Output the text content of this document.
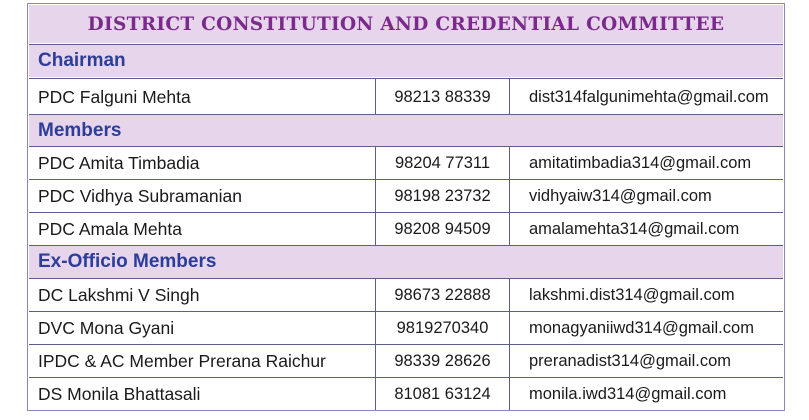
DISTRICT CONSTITUTION AND CREDENTIAL COMMITTEE
Chairman
PDC Falguni Mehta	98213 88339	dist314falgunimehta@gmail.com
Members
PDC Amita Timbadia	98204 77311	amitatimbadia314@gmail.com
PDC Vidhya Subramanian	98198 23732	vidhyaiw314@gmail.com
PDC Amala Mehta	98208 94509	amalamehta314@gmail.com
Ex-Officio Members
DC Lakshmi V Singh	98673 22888	lakshmi.dist314@gmail.com
DVC Mona Gyani	9819270340	monagyaniiwd314@gmail.com
IPDC & AC Member Prerana Raichur	98339 28626	preranadist314@gmail.com
DS Monila Bhattasali	81081 63124	monila.iwd314@gmail.com
